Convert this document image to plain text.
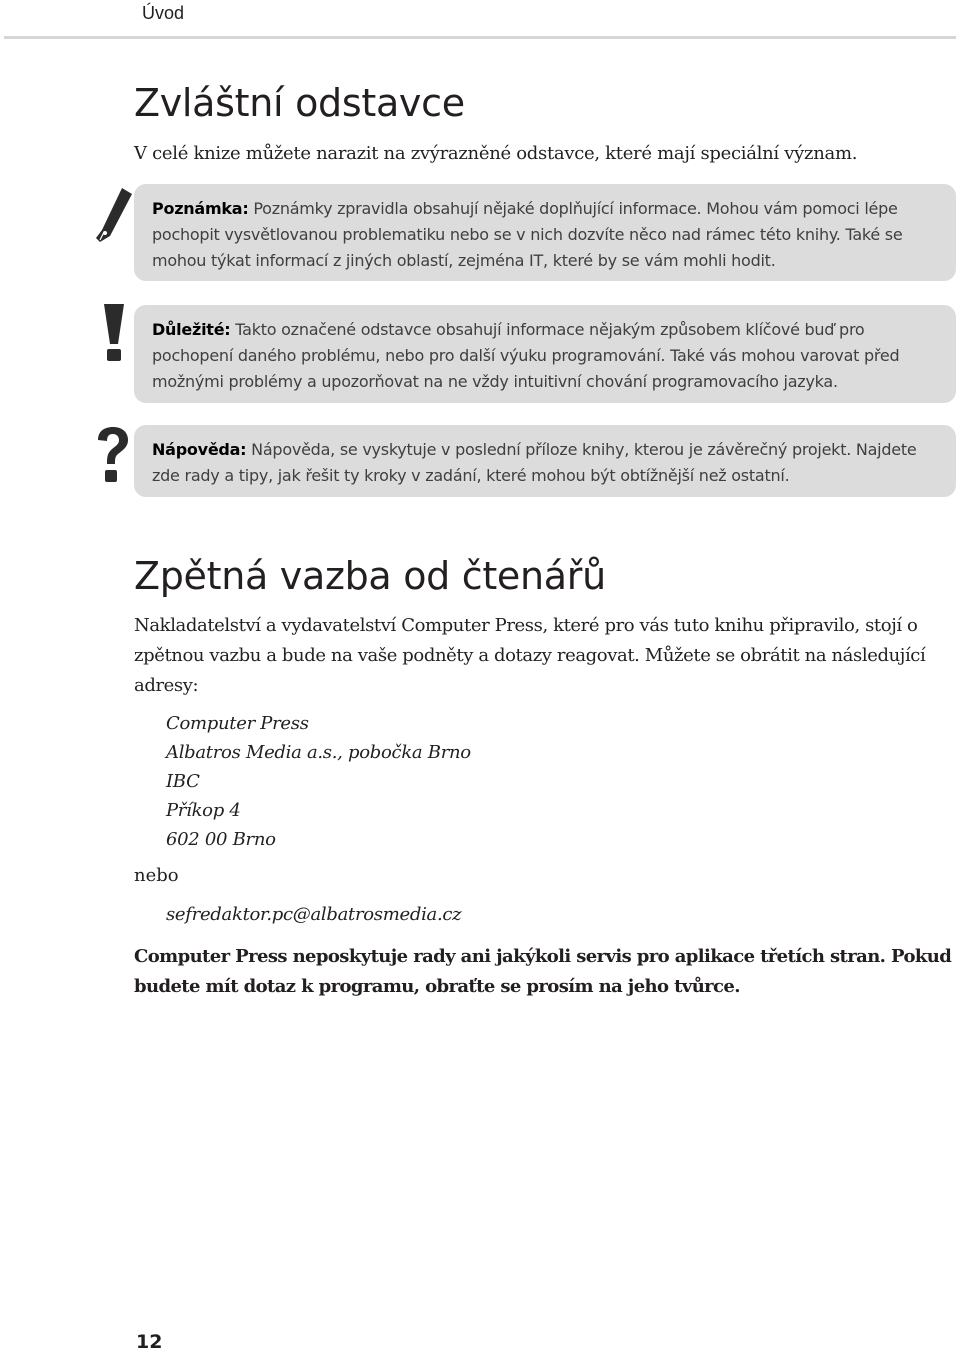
Úvod
Zvláštní odstavce

V celé knize můžete narazit na zvýrazněné odstavce, které mají speciální význam.

Poznámka: Poznámky zpravidla obsahují nějaké doplňující informace. Mohou vám pomoci lépe pochopit vysvětlovanou problematiku nebo se v nich dozvíte něco nad rámec této knihy. Také se mohou týkat informací z jiných oblastí, zejména IT, které by se vám mohli hodit.
Důležité: Takto označené odstavce obsahují informace nějakým způsobem klíčové buď pro pochopení daného problému, nebo pro další výuku programování. Také vás mohou varovat před možnými problémy a upozorňovat na ne vždy intuitivní chování programovacího jazyka.
Nápověda: Nápověda, se vyskytuje v poslední příloze knihy, kterou je závěrečný projekt. Najdete zde rady a tipy, jak řešit ty kroky v zadání, které mohou být obtížnější než ostatní.
Zpětná vazba od čtenářů

Nakladatelství a vydavatelství Computer Press, které pro vás tuto knihu připravilo, stojí o zpětnou vazbu a bude na vaše podněty a dotazy reagovat. Můžete se obrátit na následující adresy:

Computer Press
Albatros Media a.s., pobočka Brno
IBC
Příkop 4
602 00 Brno
nebo
sefredaktor.pc@albatrosmedia.cz

Computer Press neposkytuje rady ani jakýkoli servis pro aplikace třetích stran. Pokud budete mít dotaz k programu, obraťte se prosím na jeho tvůrce.

12
